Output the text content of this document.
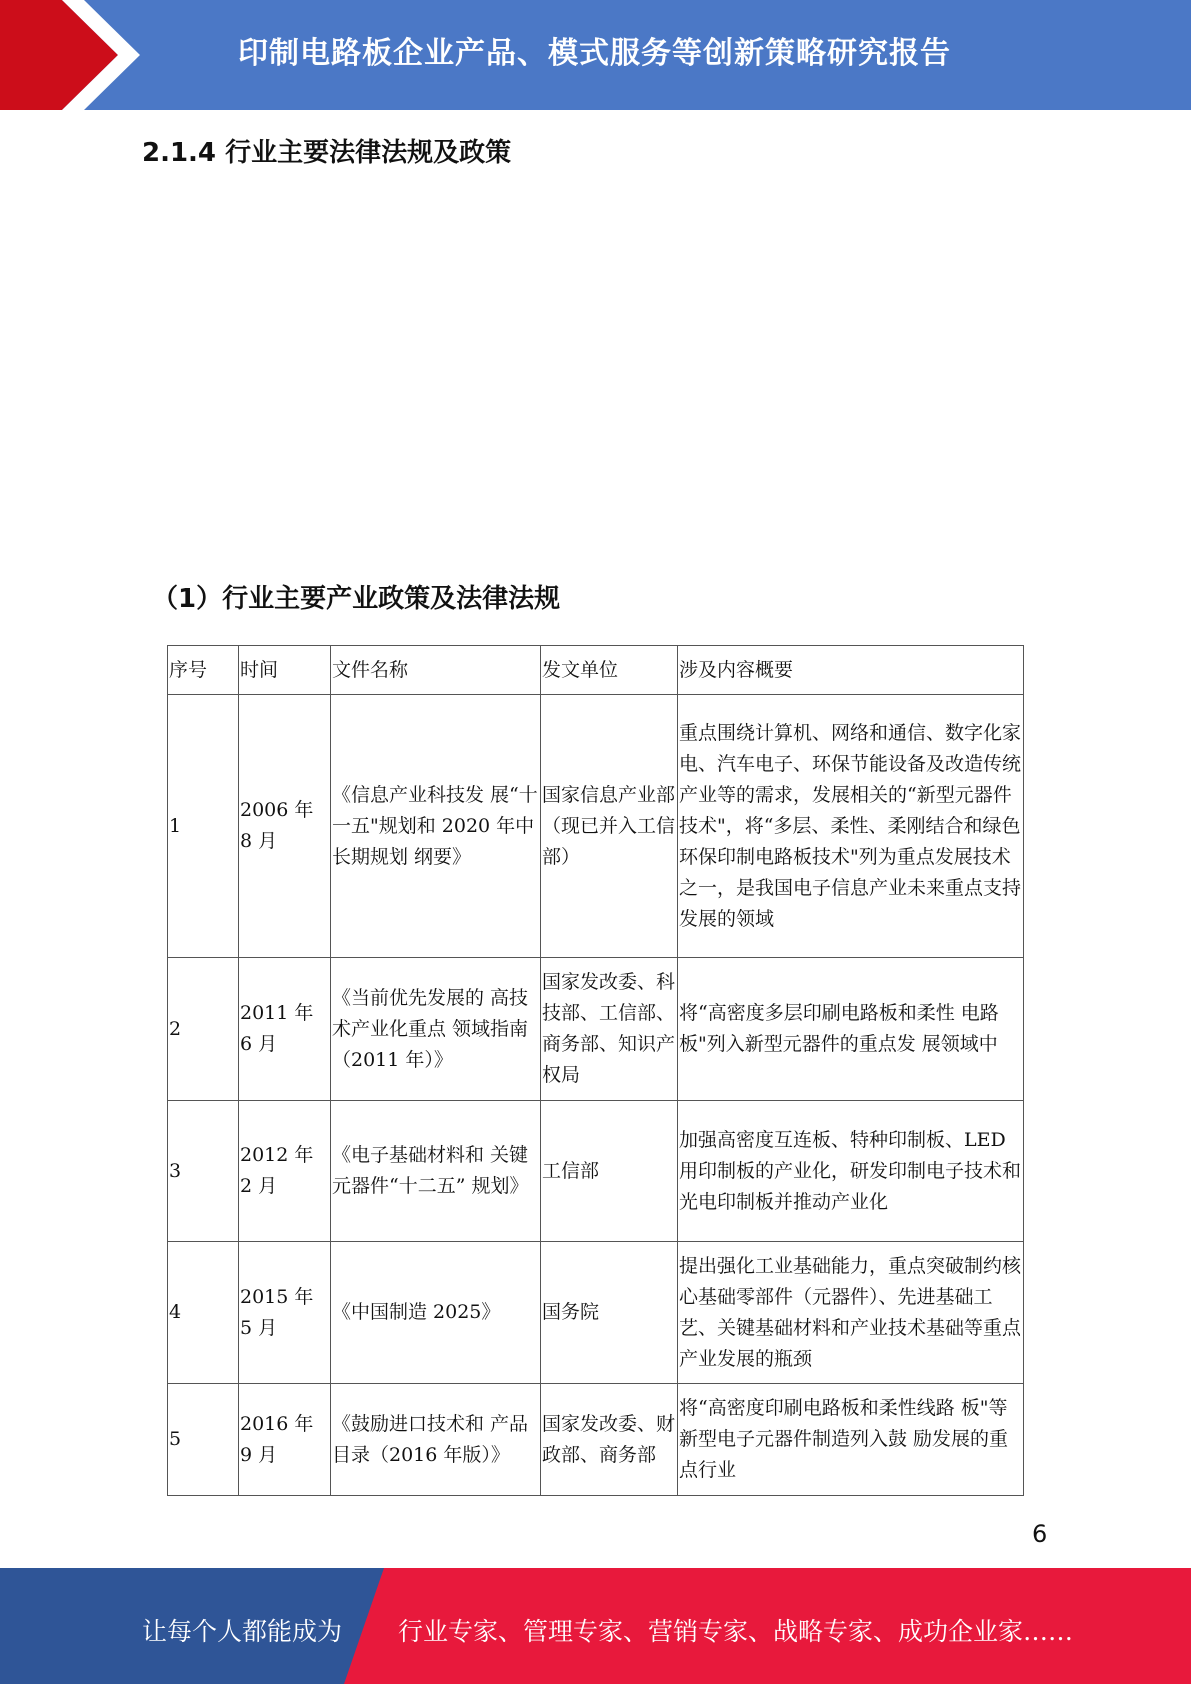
印制电路板企业产品、模式服务等创新策略研究报告
2.1.4 行业主要法律法规及政策
（1）行业主要产业政策及法律法规
序号	时间	文件名称	发文单位	涉及内容概要
1	2006 年 8 月	《信息产业科技发 展“十一五"规划和 2020 年中长期规划 纲要》	国家信息产业部（现已并入工信部）	重点围绕计算机、网络和通信、数字化家电、汽车电子、环保节能设备及改造传统产业等的需求，发展相关的“新型元器件技术"，将“多层、柔性、柔刚结合和绿色环保印制电路板技术"列为重点发展技术 之一，是我国电子信息产业未来重点支持发展的领域
2	2011 年 6 月	《当前优先发展的 高技术产业化重点 领域指南（2011 年）》	国家发改委、科技部、工信部、商务部、知识产权局	将“高密度多层印刷电路板和柔性 电路板"列入新型元器件的重点发 展领域中
3	2012 年 2 月	《电子基础材料和 关键元器件“十二五” 规划》	工信部	加强高密度互连板、特种印制板、LED 用印制板的产业化，研发印制电子技术和光电印制板并推动产业化
4	2015 年 5 月	《中国制造 2025》	国务院	提出强化工业基础能力，重点突破制约核心基础零部件（元器件）、先进基础工艺、关键基础材料和产业技术基础等重点产业发展的瓶颈
5	2016 年 9 月	《鼓励进口技术和 产品目录（2016 年版）》	国家发改委、财政部、商务部	将“高密度印刷电路板和柔性线路 板"等新型电子元器件制造列入鼓 励发展的重点行业
6
让每个人都能成为 行业专家、管理专家、营销专家、战略专家、成功企业家……
